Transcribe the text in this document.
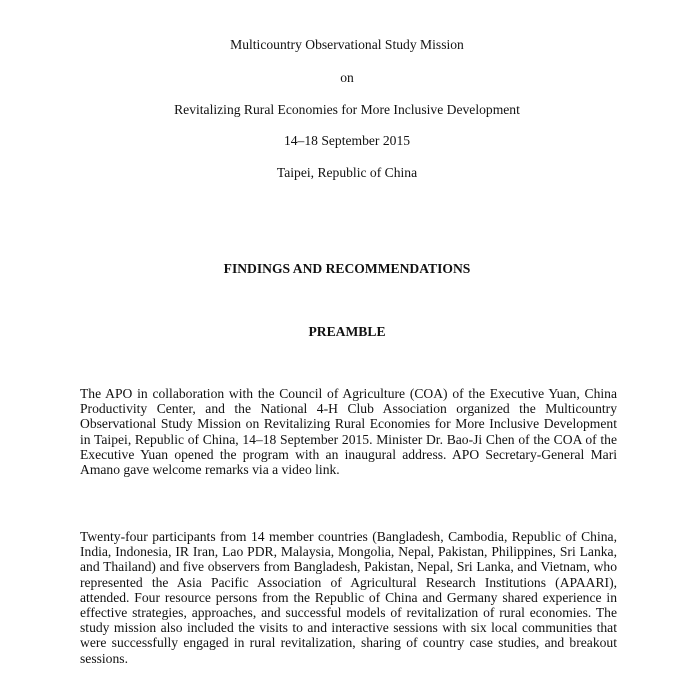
Multicountry Observational Study Mission
on
Revitalizing Rural Economies for More Inclusive Development
14–18 September 2015
Taipei, Republic of China
FINDINGS AND RECOMMENDATIONS
PREAMBLE

The APO in collaboration with the Council of Agriculture (COA) of the Executive Yuan, China Productivity Center, and the National 4-H Club Association organized the Multicountry Observational Study Mission on Revitalizing Rural Economies for More Inclusive Development in Taipei, Republic of China, 14–18 September 2015. Minister Dr. Bao-Ji Chen of the COA of the Executive Yuan opened the program with an inaugural address. APO Secretary-General Mari Amano gave welcome remarks via a video link.

Twenty-four participants from 14 member countries (Bangladesh, Cambodia, Republic of China, India, Indonesia, IR Iran, Lao PDR, Malaysia, Mongolia, Nepal, Pakistan, Philippines, Sri Lanka, and Thailand) and five observers from Bangladesh, Pakistan, Nepal, Sri Lanka, and Vietnam, who represented the Asia Pacific Association of Agricultural Research Institutions (APAARI), attended. Four resource persons from the Republic of China and Germany shared experience in effective strategies, approaches, and successful models of revitalization of rural economies. The study mission also included the visits to and interactive sessions with six local communities that were successfully engaged in rural revitalization, sharing of country case studies, and breakout sessions.
